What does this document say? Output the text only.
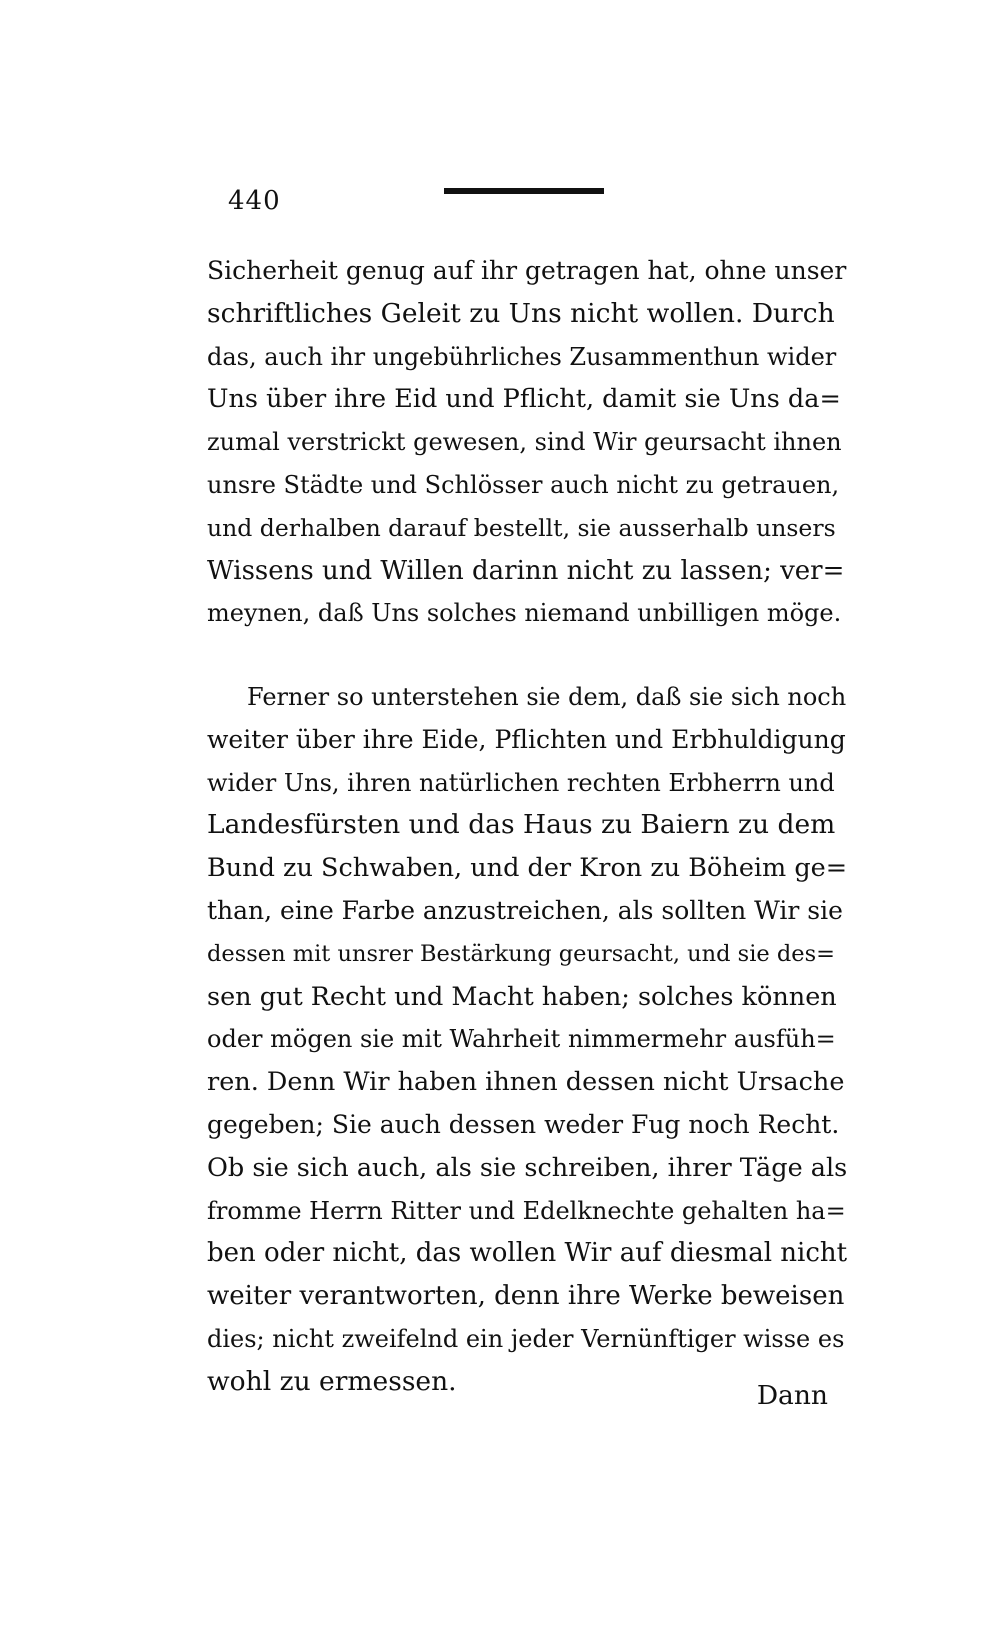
440

Sicherheit genug auf ihr getragen hat, ohne unser

schriftliches Geleit zu Uns nicht wollen. Durch

das, auch ihr ungebührliches Zusammenthun wider

Uns über ihre Eid und Pflicht, damit sie Uns da=

zumal verstrickt gewesen, sind Wir geursacht ihnen

unsre Städte und Schlösser auch nicht zu getrauen,

und derhalben darauf bestellt, sie ausserhalb unsers

Wissens und Willen darinn nicht zu lassen; ver=

meynen, daß Uns solches niemand unbilligen möge.

Ferner so unterstehen sie dem, daß sie sich noch

weiter über ihre Eide, Pflichten und Erbhuldigung

wider Uns, ihren natürlichen rechten Erbherrn und

Landesfürsten und das Haus zu Baiern zu dem

Bund zu Schwaben, und der Kron zu Böheim ge=

than, eine Farbe anzustreichen, als sollten Wir sie

dessen mit unsrer Bestärkung geursacht, und sie des=

sen gut Recht und Macht haben; solches können

oder mögen sie mit Wahrheit nimmermehr ausfüh=

ren. Denn Wir haben ihnen dessen nicht Ursache

gegeben; Sie auch dessen weder Fug noch Recht.

Ob sie sich auch, als sie schreiben, ihrer Täge als

fromme Herrn Ritter und Edelknechte gehalten ha=

ben oder nicht, das wollen Wir auf diesmal nicht

weiter verantworten, denn ihre Werke beweisen

dies; nicht zweifelnd ein jeder Vernünftiger wisse es

wohl zu ermessen.	Dann
